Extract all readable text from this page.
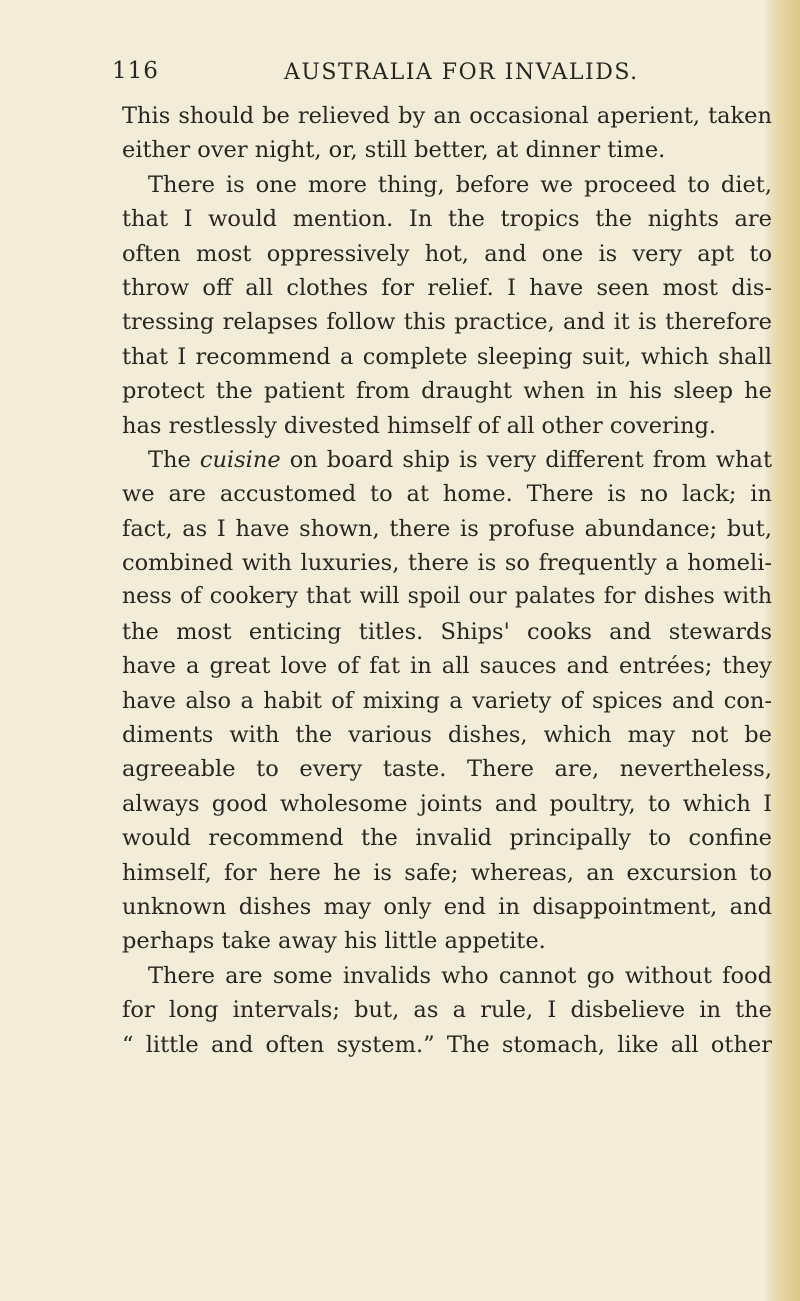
116	AUSTRALIA FOR INVALIDS.
This should be relieved by an occasional aperient, taken
either over night, or, still better, at dinner time.
There is one more thing, before we proceed to diet,
that I would mention. In the tropics the nights are
often most oppressively hot, and one is very apt to
throw off all clothes for relief. I have seen most dis-
tressing relapses follow this practice, and it is therefore
that I recommend a complete sleeping suit, which shall
protect the patient from draught when in his sleep he
has restlessly divested himself of all other covering.
The cuisine on board ship is very different from what
we are accustomed to at home. There is no lack; in
fact, as I have shown, there is profuse abundance; but,
combined with luxuries, there is so frequently a homeli-
ness of cookery that will spoil our palates for dishes with
the most enticing titles. Ships' cooks and stewards
have a great love of fat in all sauces and entrées; they
have also a habit of mixing a variety of spices and con-
diments with the various dishes, which may not be
agreeable to every taste. There are, nevertheless,
always good wholesome joints and poultry, to which I
would recommend the invalid principally to confine
himself, for here he is safe; whereas, an excursion to
unknown dishes may only end in disappointment, and
perhaps take away his little appetite.
There are some invalids who cannot go without food
for long intervals; but, as a rule, I disbelieve in the
“ little and often system.” The stomach, like all other
